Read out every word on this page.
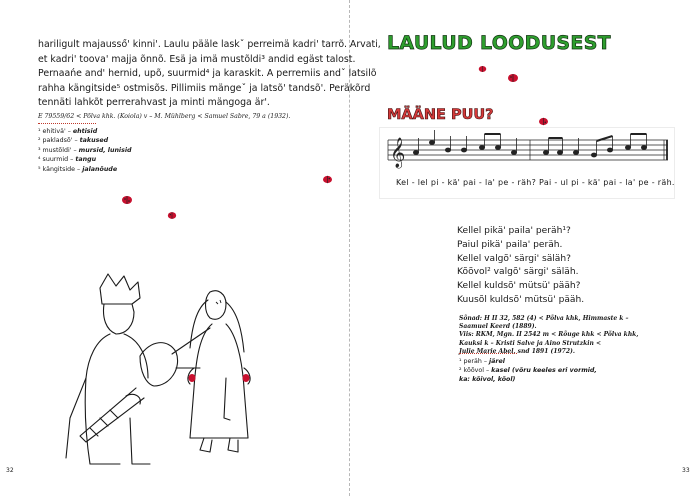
hariligult majausső' kinni'. Laulu pääle laskˇ perreimä kadri' tarrõ. Arvati,
et kadri' toova' majja õnnõ. Esä ja imä mustõldi³ andid egäst talost.
Pernaańe and' hernid, upõ, suurmid⁴ ja karaskit. A perremiis andˇ latsilõ
rahha kängitside⁵ ostmisõs. Pillimiis mängeˇ ja latsõ' tandsõ'. Peräkõrd
tennäti lahkõt perrerahvast ja minti mängoga är'.
E 79559/62 < Põlva khk. (Koiola) v – M. Mühlberg < Samuel Sabre, 79 a (1932).
¹ ehitivä' – ehtisid
² pakladsõ' – takused
³ mustõldi' – mursid, lunisid
⁴ suurmid – tangu
⁵ kängitside – jalanõude
32
LAULUD LOODUSEST
MÄÄNE PUU?
𝄞
Kel - lel pi - kä' pai - la' pe - räh? Pai - ul pi - kä' pai - la' pe - räh.
Kellel pikä' paila' peräh¹?
Paiul pikä' paila' peräh.
Kellel valgõ' särgi' säläh?
Kõõvol² valgõ' särgi' säläh.
Kellel kuldsõ' mütsü' pääh?
Kuusõl kuldsõ' mütsü' pääh.
Sõnad: H II 32, 582 (4) < Põlva khk, Himmaste k –
Saamuel Keerd (1889).
Viis: RKM, Mgn. II 2542 m < Rõuge khk < Põlva khk,
Kauksi k – Kristi Salve ja Aino Strutzkin <
Julie Marie Abel, snd 1891 (1972).
¹ peräh – järel
² kõõvol – kasel (võru keeles eri vormid,
ka: kõivol, kõol)
33
